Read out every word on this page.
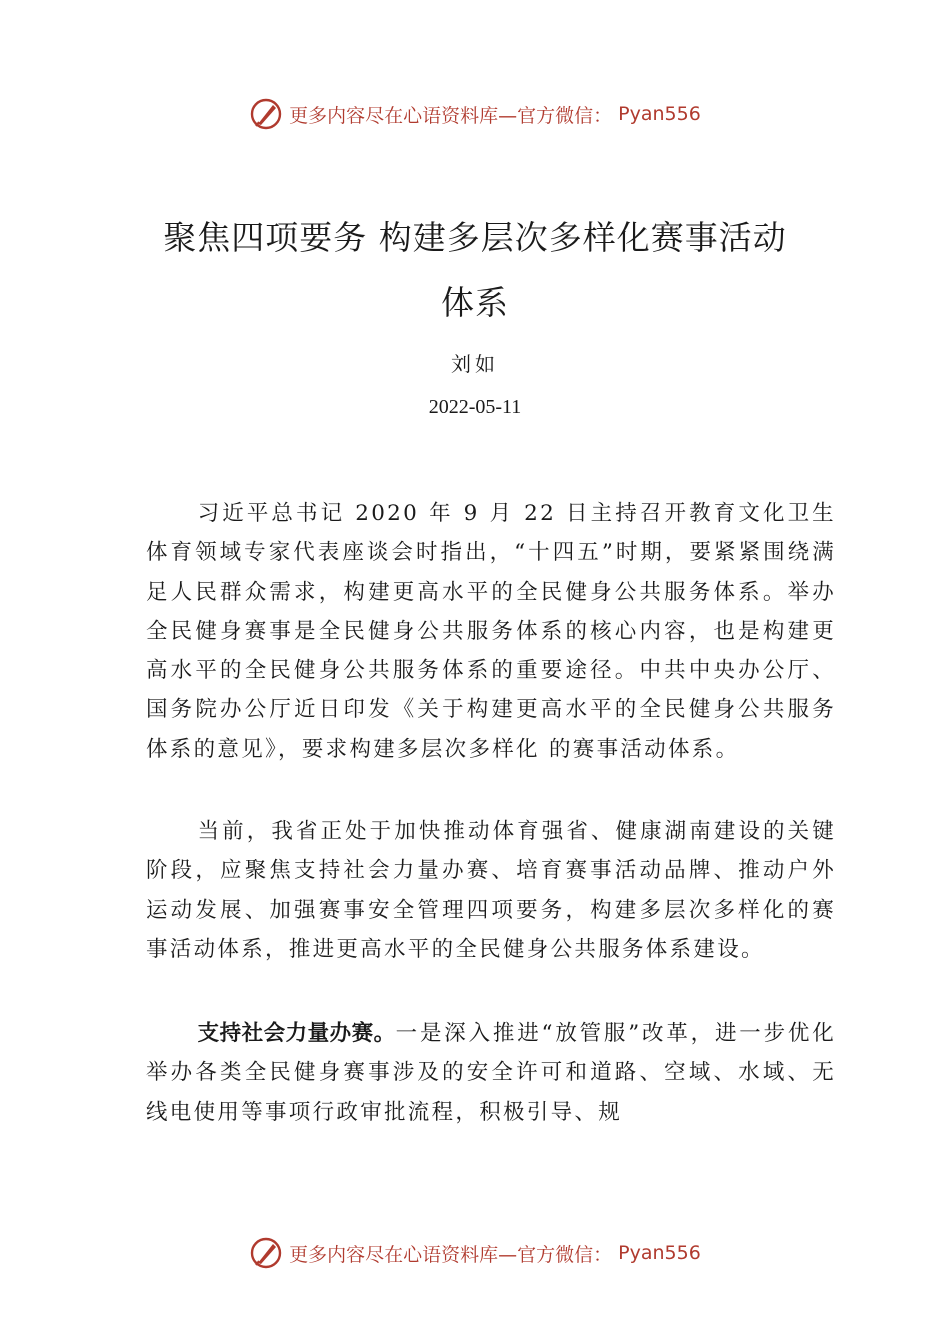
更多内容尽在心语资料库—官方微信： Pyan556
聚焦四项要务 构建多层次多样化赛事活动
体系
刘如
2022-05-11

习近平总书记 2020 年 9 月 22 日主持召开教育文化卫生体育领域专家代表座谈会时指出，“十四五”时期，要紧紧围绕满足人民群众需求，构建更高水平的全民健身公共服务体系。举办全民健身赛事是全民健身公共服务体系的核心内容，也是构建更高水平的全民健身公共服务体系的重要途径。中共中央办公厅、国务院办公厅近日印发《关于构建更高水平的全民健身公共服务体系的意见》，要求构建多层次多样化 的赛事活动体系。

当前，我省正处于加快推动体育强省、健康湖南建设的关键阶段，应聚焦支持社会力量办赛、培育赛事活动品牌、推动户外运动发展、加强赛事安全管理四项要务，构建多层次多样化的赛事活动体系，推进更高水平的全民健身公共服务体系建设。

支持社会力量办赛。一是深入推进“放管服”改革，进一步优化举办各类全民健身赛事涉及的安全许可和道路、空域、水域、无线电使用等事项行政审批流程，积极引导、规

更多内容尽在心语资料库—官方微信： Pyan556
